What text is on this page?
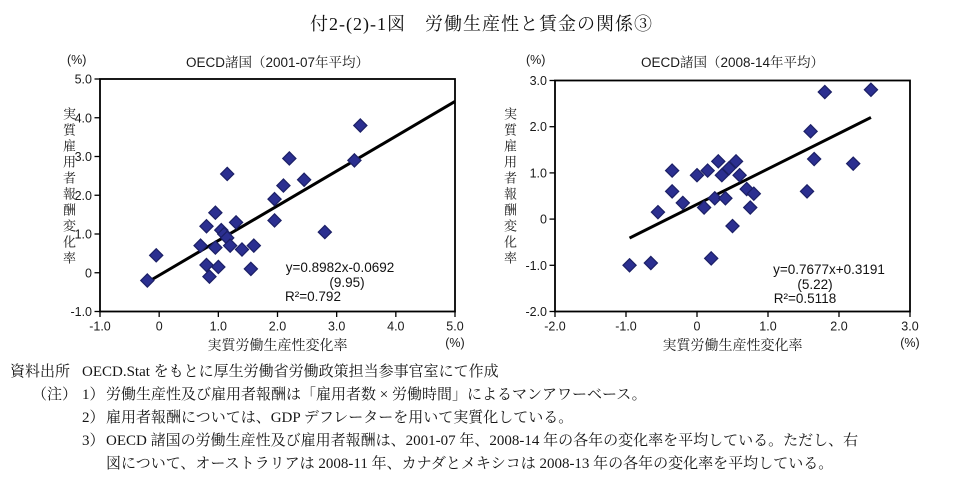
付2-(2)-1図　労働生産性と賃金の関係③
(%)	OECD諸国（2001-07年平均）
実質雇用者報酬変化率
-1.0	0	1.0	2.0	3.0	4.0	5.0
5.0
4.0
3.0
2.0
1.0
0
-1.0
y=0.8982x-0.0692
(9.95)
R²=0.792
実質労働生産性変化率	(%)
(%)	OECD諸国（2008-14年平均）
実質雇用者報酬変化率
-2.0	-1.0	0	1.0	2.0	3.0
3.0
2.0
1.0
0
-1.0
-2.0
y=0.7677x+0.3191
(5.22)
R²=0.5118
実質労働生産性変化率	(%)
資料出所 OECD.Stat をもとに厚生労働省労働政策担当参事官室にて作成
（注） 1） 労働生産性及び雇用者報酬は「雇用者数 × 労働時間」によるマンアワーベース。
2） 雇用者報酬については、GDP デフレーターを用いて実質化している。
3） OECD 諸国の労働生産性及び雇用者報酬は、2001-07 年、2008-14 年の各年の変化率を平均している。ただし、右
図について、オーストラリアは 2008-11 年、カナダとメキシコは 2008-13 年の各年の変化率を平均している。
